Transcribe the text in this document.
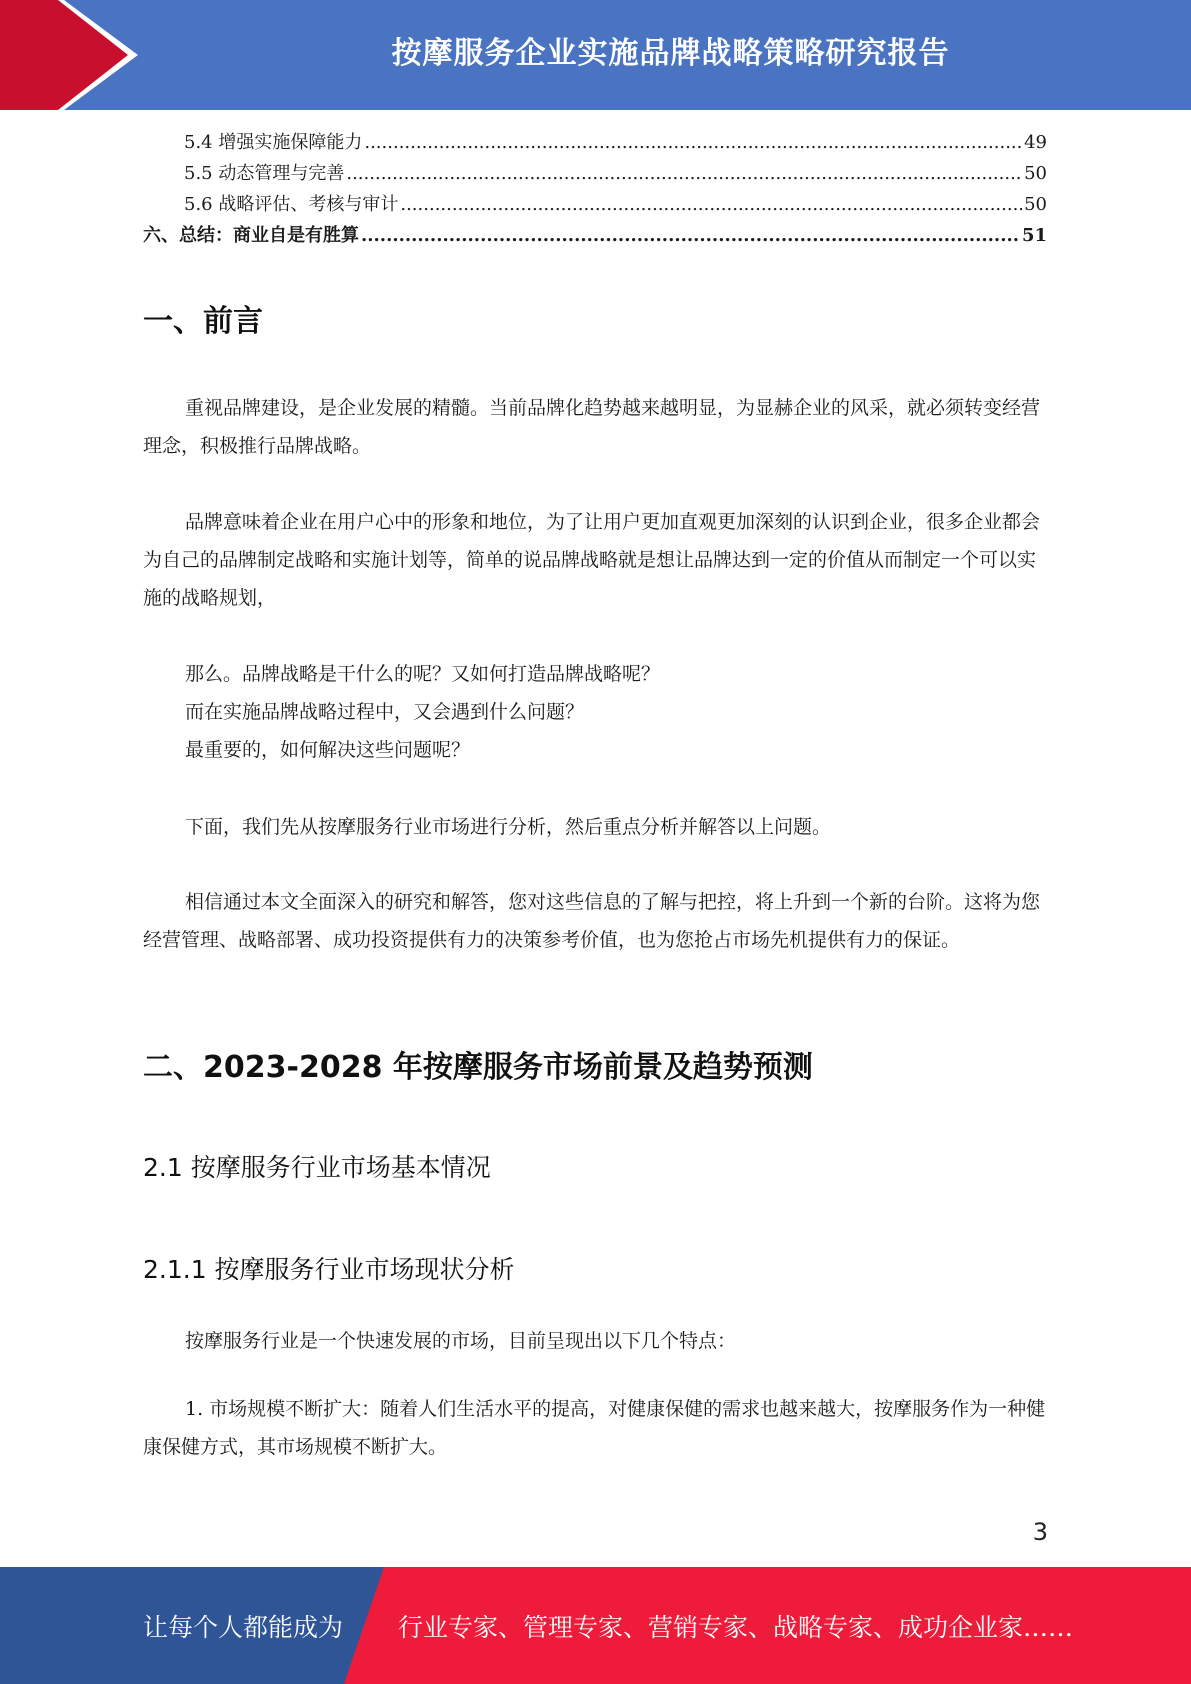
按摩服务企业实施品牌战略策略研究报告
5.4 增强实施保障能力 .....	49
5.5 动态管理与完善 .....	50
5.6 战略评估、考核与审计 .....	50
六、总结：商业自是有胜算 .....	51
一、前言

重视品牌建设，是企业发展的精髓。当前品牌化趋势越来越明显，为显赫企业的风采，就必须转变经营理念，积极推行品牌战略。

品牌意味着企业在用户心中的形象和地位，为了让用户更加直观更加深刻的认识到企业，很多企业都会为自己的品牌制定战略和实施计划等，简单的说品牌战略就是想让品牌达到一定的价值从而制定一个可以实施的战略规划，

那么。品牌战略是干什么的呢？又如何打造品牌战略呢？
而在实施品牌战略过程中，又会遇到什么问题？
最重要的，如何解决这些问题呢？

下面，我们先从按摩服务行业市场进行分析，然后重点分析并解答以上问题。

相信通过本文全面深入的研究和解答，您对这些信息的了解与把控，将上升到一个新的台阶。这将为您经营管理、战略部署、成功投资提供有力的决策参考价值，也为您抢占市场先机提供有力的保证。

二、2023-2028 年按摩服务市场前景及趋势预测
2.1 按摩服务行业市场基本情况
2.1.1 按摩服务行业市场现状分析

按摩服务行业是一个快速发展的市场，目前呈现出以下几个特点：

1. 市场规模不断扩大：随着人们生活水平的提高，对健康保健的需求也越来越大，按摩服务作为一种健康保健方式，其市场规模不断扩大。

3
让每个人都能成为 行业专家、管理专家、营销专家、战略专家、成功企业家……
